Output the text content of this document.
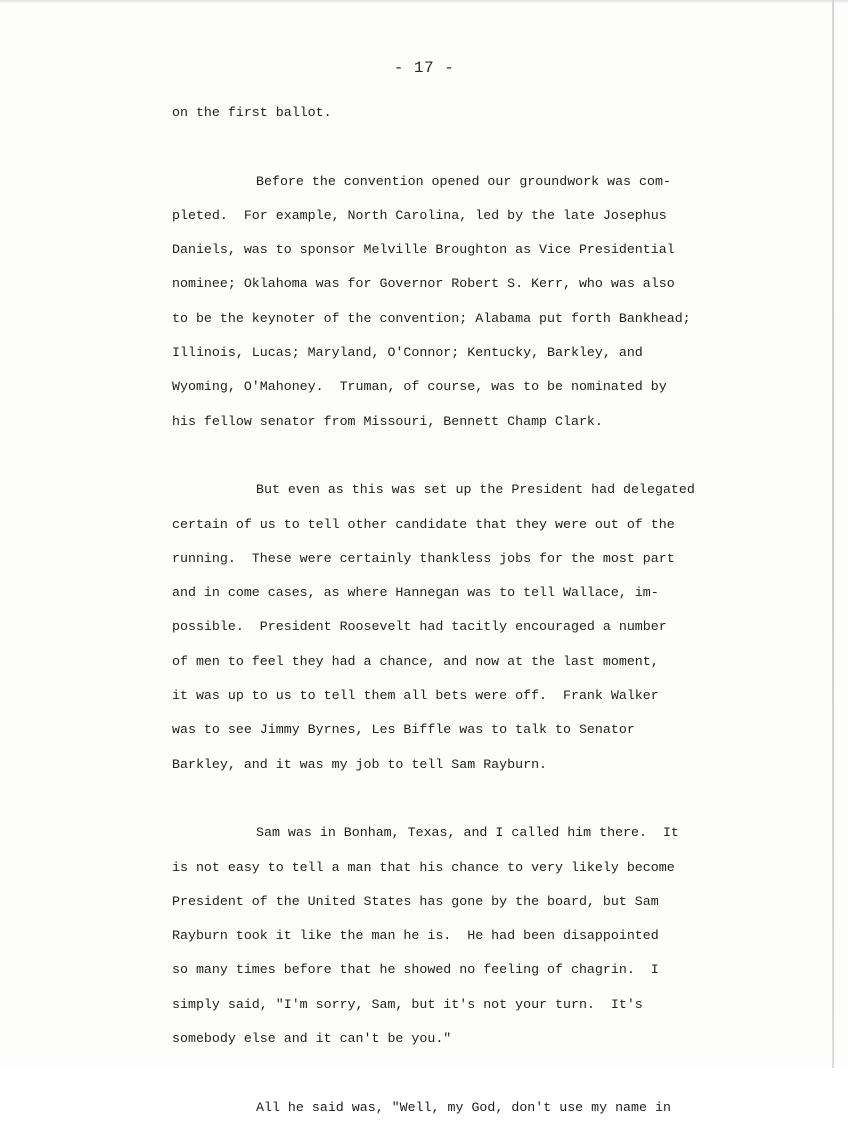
- 17 -
on the first ballot.
Before the convention opened our groundwork was com-
pleted.  For example, North Carolina, led by the late Josephus
Daniels, was to sponsor Melville Broughton as Vice Presidential
nominee; Oklahoma was for Governor Robert S. Kerr, who was also
to be the keynoter of the convention; Alabama put forth Bankhead;
Illinois, Lucas; Maryland, O'Connor; Kentucky, Barkley, and
Wyoming, O'Mahoney.  Truman, of course, was to be nominated by
his fellow senator from Missouri, Bennett Champ Clark.
But even as this was set up the President had delegated
certain of us to tell other candidate that they were out of the
running.  These were certainly thankless jobs for the most part
and in come cases, as where Hannegan was to tell Wallace, im-
possible.  President Roosevelt had tacitly encouraged a number
of men to feel they had a chance, and now at the last moment,
it was up to us to tell them all bets were off.  Frank Walker
was to see Jimmy Byrnes, Les Biffle was to talk to Senator
Barkley, and it was my job to tell Sam Rayburn.
Sam was in Bonham, Texas, and I called him there.  It
is not easy to tell a man that his chance to very likely become
President of the United States has gone by the board, but Sam
Rayburn took it like the man he is.  He had been disappointed
so many times before that he showed no feeling of chagrin.  I
simply said, "I'm sorry, Sam, but it's not your turn.  It's
somebody else and it can't be you."
All he said was, "Well, my God, don't use my name in
